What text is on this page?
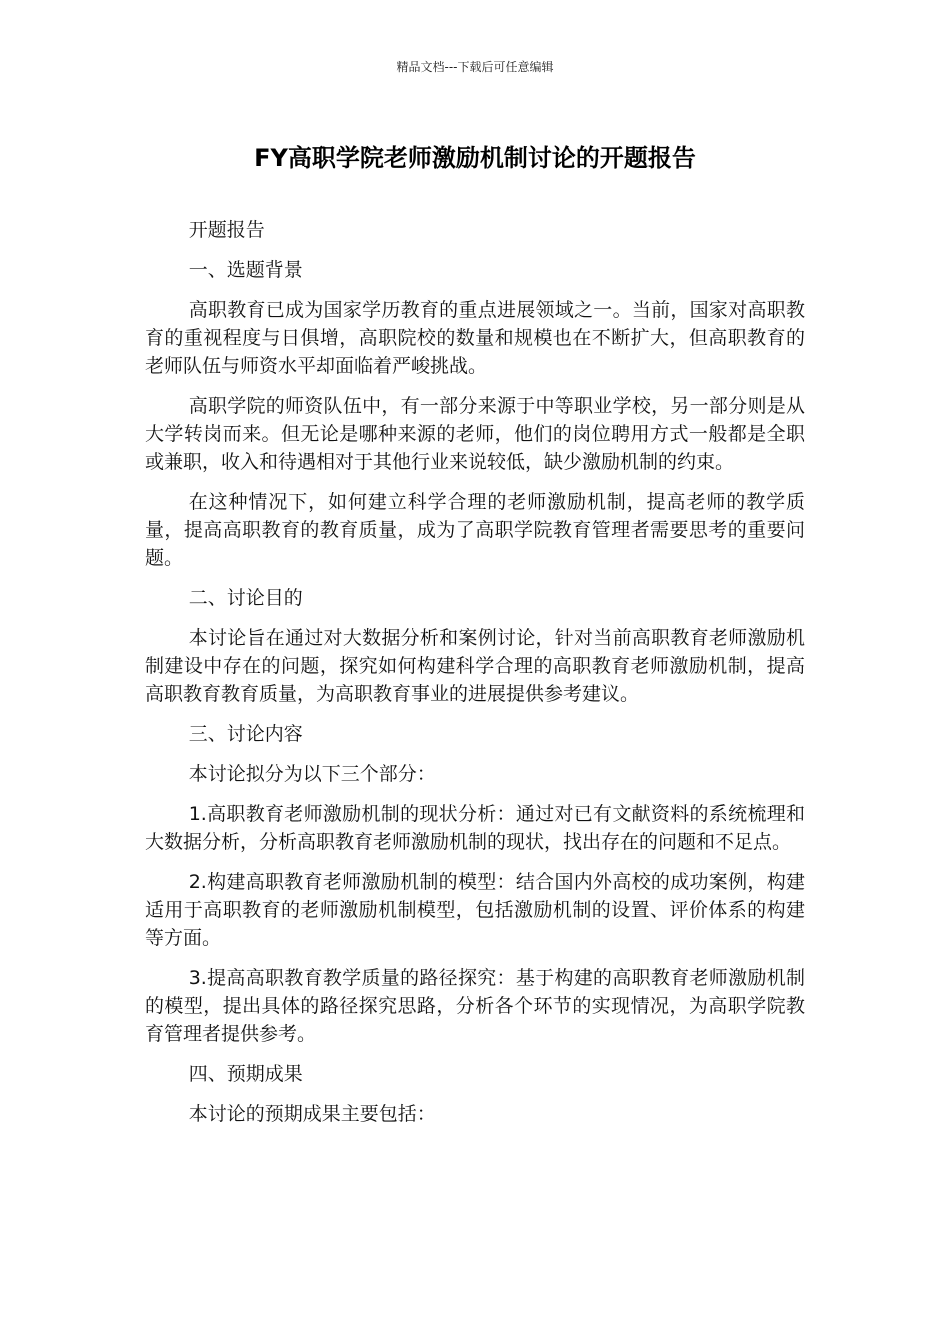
精品文档---下载后可任意编辑
FY高职学院老师激励机制讨论的开题报告

开题报告

一、选题背景

高职教育已成为国家学历教育的重点进展领域之一。当前，国家对高职教育的重视程度与日俱增，高职院校的数量和规模也在不断扩大，但高职教育的老师队伍与师资水平却面临着严峻挑战。

高职学院的师资队伍中，有一部分来源于中等职业学校，另一部分则是从大学转岗而来。但无论是哪种来源的老师，他们的岗位聘用方式一般都是全职或兼职，收入和待遇相对于其他行业来说较低，缺少激励机制的约束。

在这种情况下，如何建立科学合理的老师激励机制，提高老师的教学质量，提高高职教育的教育质量，成为了高职学院教育管理者需要思考的重要问题。

二、讨论目的

本讨论旨在通过对大数据分析和案例讨论，针对当前高职教育老师激励机制建设中存在的问题，探究如何构建科学合理的高职教育老师激励机制，提高高职教育教育质量，为高职教育事业的进展提供参考建议。

三、讨论内容

本讨论拟分为以下三个部分：

1.高职教育老师激励机制的现状分析：通过对已有文献资料的系统梳理和大数据分析，分析高职教育老师激励机制的现状，找出存在的问题和不足点。

2.构建高职教育老师激励机制的模型：结合国内外高校的成功案例，构建适用于高职教育的老师激励机制模型，包括激励机制的设置、评价体系的构建等方面。

3.提高高职教育教学质量的路径探究：基于构建的高职教育老师激励机制的模型，提出具体的路径探究思路，分析各个环节的实现情况，为高职学院教育管理者提供参考。

四、预期成果

本讨论的预期成果主要包括：
